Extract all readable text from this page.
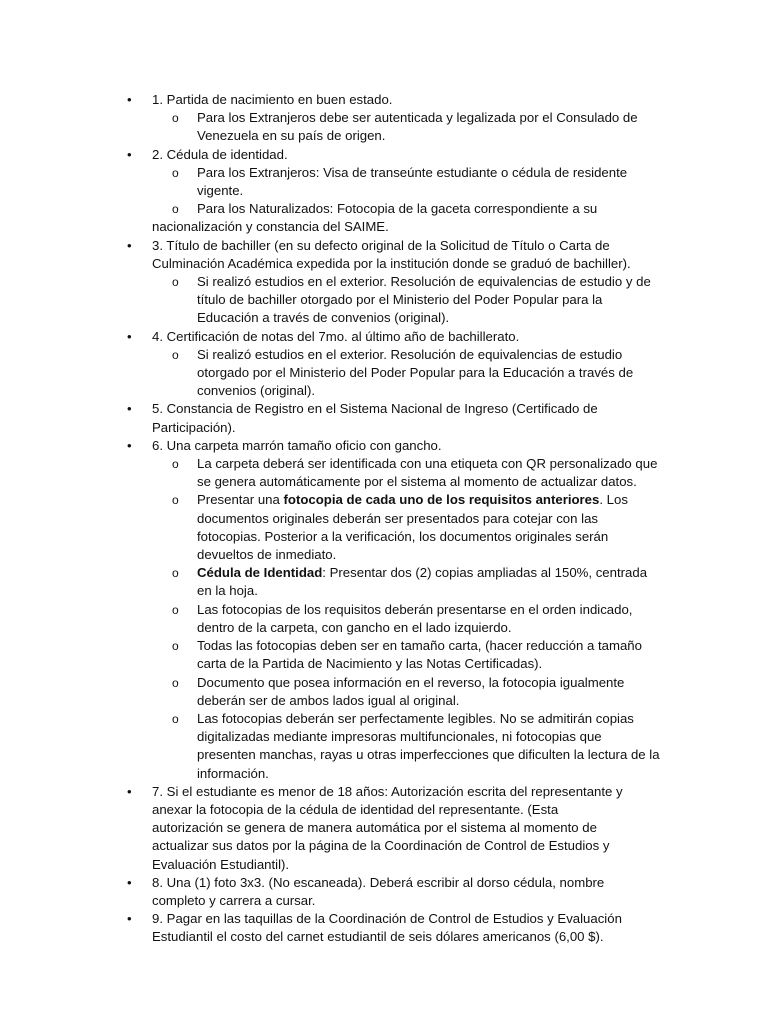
• 1. Partida de nacimiento en buen estado.
o Para los Extranjeros debe ser autenticada y legalizada por el Consulado de Venezuela en su país de origen.
• 2. Cédula de identidad.
o Para los Extranjeros: Visa de transeúnte estudiante o cédula de residente vigente.
o Para los Naturalizados: Fotocopia de la gaceta correspondiente a su nacionalización y constancia del SAIME.
• 3. Título de bachiller (en su defecto original de la Solicitud de Título o Carta de Culminación Académica expedida por la institución donde se graduó de bachiller).
o Si realizó estudios en el exterior. Resolución de equivalencias de estudio y de título de bachiller otorgado por el Ministerio del Poder Popular para la Educación a través de convenios (original).
• 4. Certificación de notas del 7mo. al último año de bachillerato.
o Si realizó estudios en el exterior. Resolución de equivalencias de estudio otorgado por el Ministerio del Poder Popular para la Educación a través de convenios (original).
• 5. Constancia de Registro en el Sistema Nacional de Ingreso (Certificado de Participación).
• 6. Una carpeta marrón tamaño oficio con gancho.
o La carpeta deberá ser identificada con una etiqueta con QR personalizado que se genera automáticamente por el sistema al momento de actualizar datos.
o Presentar una fotocopia de cada uno de los requisitos anteriores. Los documentos originales deberán ser presentados para cotejar con las fotocopias. Posterior a la verificación, los documentos originales serán devueltos de inmediato.
o Cédula de Identidad: Presentar dos (2) copias ampliadas al 150%, centrada en la hoja.
o Las fotocopias de los requisitos deberán presentarse en el orden indicado, dentro de la carpeta, con gancho en el lado izquierdo.
o Todas las fotocopias deben ser en tamaño carta, (hacer reducción a tamaño carta de la Partida de Nacimiento y las Notas Certificadas).
o Documento que posea información en el reverso, la fotocopia igualmente deberán ser de ambos lados igual al original.
o Las fotocopias deberán ser perfectamente legibles. No se admitirán copias digitalizadas mediante impresoras multifuncionales, ni fotocopias que presenten manchas, rayas u otras imperfecciones que dificulten la lectura de la información.
• 7. Si el estudiante es menor de 18 años: Autorización escrita del representante y anexar la fotocopia de la cédula de identidad del representante. (Esta autorización se genera de manera automática por el sistema al momento de actualizar sus datos por la página de la Coordinación de Control de Estudios y Evaluación Estudiantil).
• 8. Una (1) foto 3x3. (No escaneada). Deberá escribir al dorso cédula, nombre completo y carrera a cursar.
• 9. Pagar en las taquillas de la Coordinación de Control de Estudios y Evaluación Estudiantil el costo del carnet estudiantil de seis dólares americanos (6,00 $).
